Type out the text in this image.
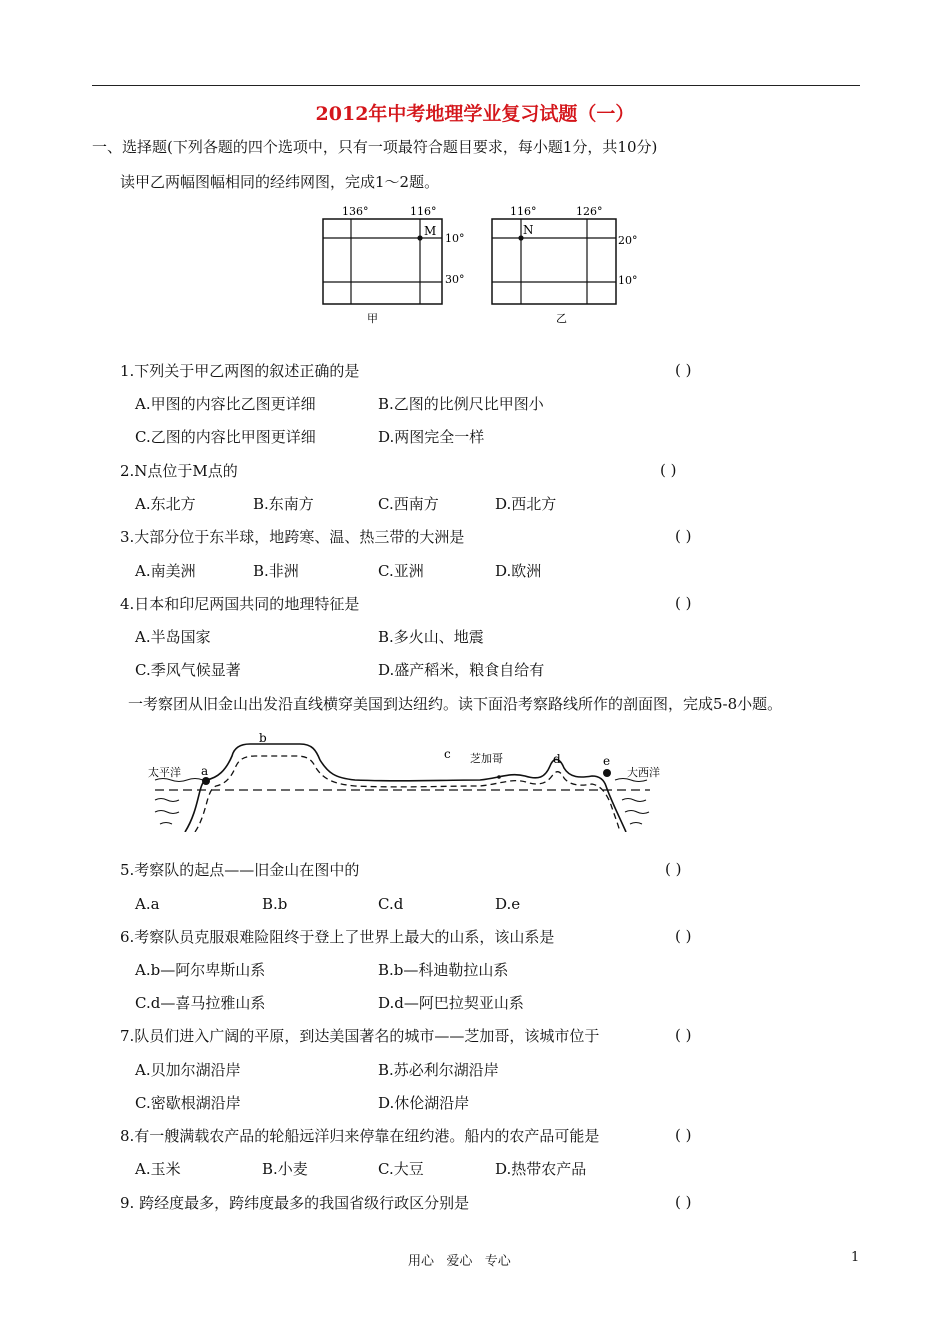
2012年中考地理学业复习试题（一）
一、选择题(下列各题的四个选项中，只有一项最符合题目要求，每小题1分，共10分)
读甲乙两幅图幅相同的经纬网图，完成1～2题。
136°	116°
M
10°
30°
甲
116°	126°
N
20°
10°
乙
1.下列关于甲乙两图的叙述正确的是	( )
A.甲图的内容比乙图更详细	B.乙图的比例尺比甲图小
C.乙图的内容比甲图更详细	D.两图完全一样
2.N点位于M点的	( )
A.东北方	B.东南方	C.西南方	D.西北方
3.大部分位于东半球，地跨寒、温、热三带的大洲是	( )
A.南美洲	B.非洲	C.亚洲	D.欧洲
4.日本和印尼两国共同的地理特征是	( )
A.半岛国家	B.多火山、地震
C.季风气候显著	D.盛产稻米，粮食自给有
一考察团从旧金山出发沿直线横穿美国到达纽约。读下面沿考察路线所作的剖面图，完成5-8小题。
太平洋 a
b
c 芝加哥	d	e
大西洋
5.考察队的起点——旧金山在图中的	( )
A.a	B.b	C.d	D.e
6.考察队员克服艰难险阻终于登上了世界上最大的山系，该山系是	( )
A.b—阿尔卑斯山系	B.b—科迪勒拉山系
C.d—喜马拉雅山系	D.d—阿巴拉契亚山系
7.队员们进入广阔的平原，到达美国著名的城市——芝加哥，该城市位于	( )
A.贝加尔湖沿岸	B.苏必利尔湖沿岸
C.密歇根湖沿岸	D.休伦湖沿岸
8.有一艘满载农产品的轮船远洋归来停靠在纽约港。船内的农产品可能是	( )
A.玉米	B.小麦	C.大豆	D.热带农产品
9. 跨经度最多，跨纬度最多的我国省级行政区分别是	( )
用心   爱心   专心	1
